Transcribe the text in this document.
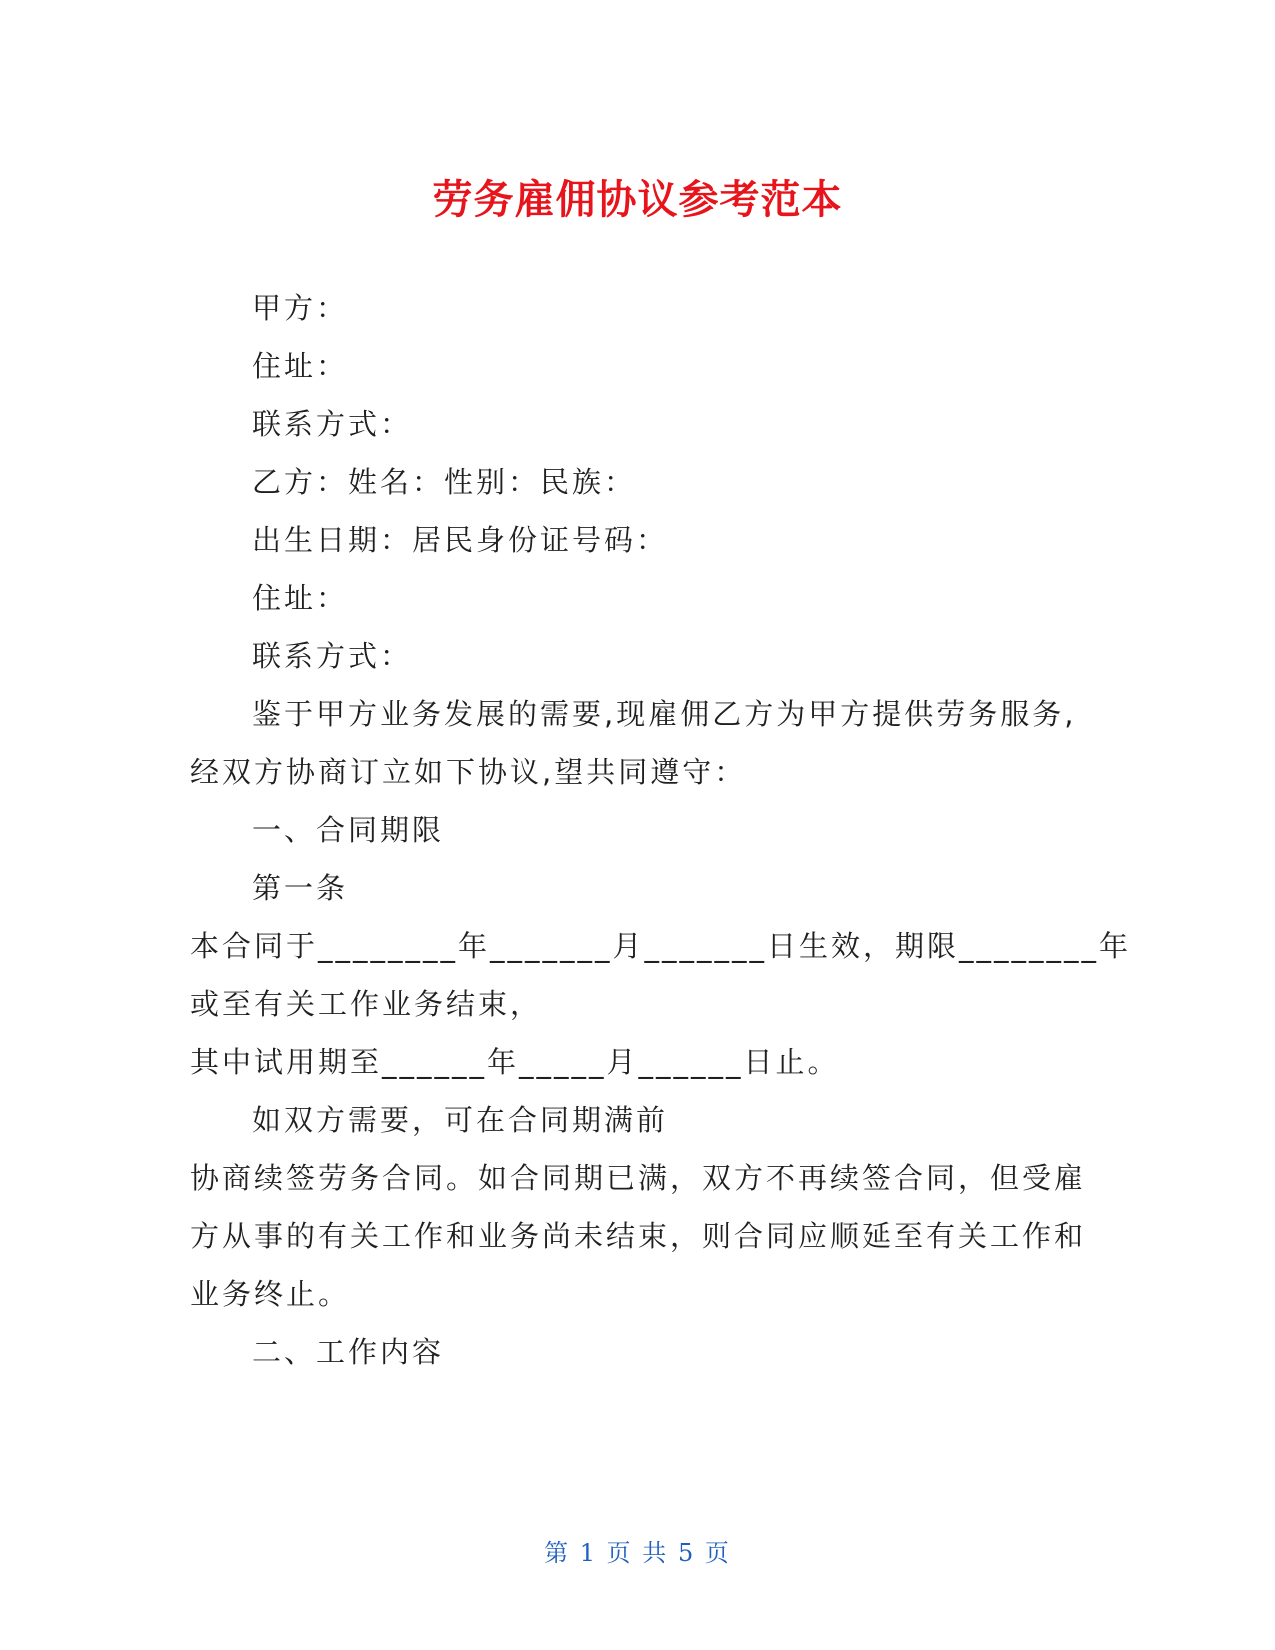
劳务雇佣协议参考范本
甲方：
住址：
联系方式：
乙方：姓名：性别：民族：
出生日期：居民身份证号码：
住址：
联系方式：
鉴于甲方业务发展的需要,现雇佣乙方为甲方提供劳务服务,
经双方协商订立如下协议,望共同遵守：
一、合同期限
第一条
本合同于________年_______月_______日生效，期限________年
或至有关工作业务结束，
其中试用期至______年_____月______日止。
如双方需要，可在合同期满前
协商续签劳务合同。如合同期已满，双方不再续签合同，但受雇
方从事的有关工作和业务尚未结束，则合同应顺延至有关工作和
业务终止。
二、工作内容
第 1 页 共 5 页
